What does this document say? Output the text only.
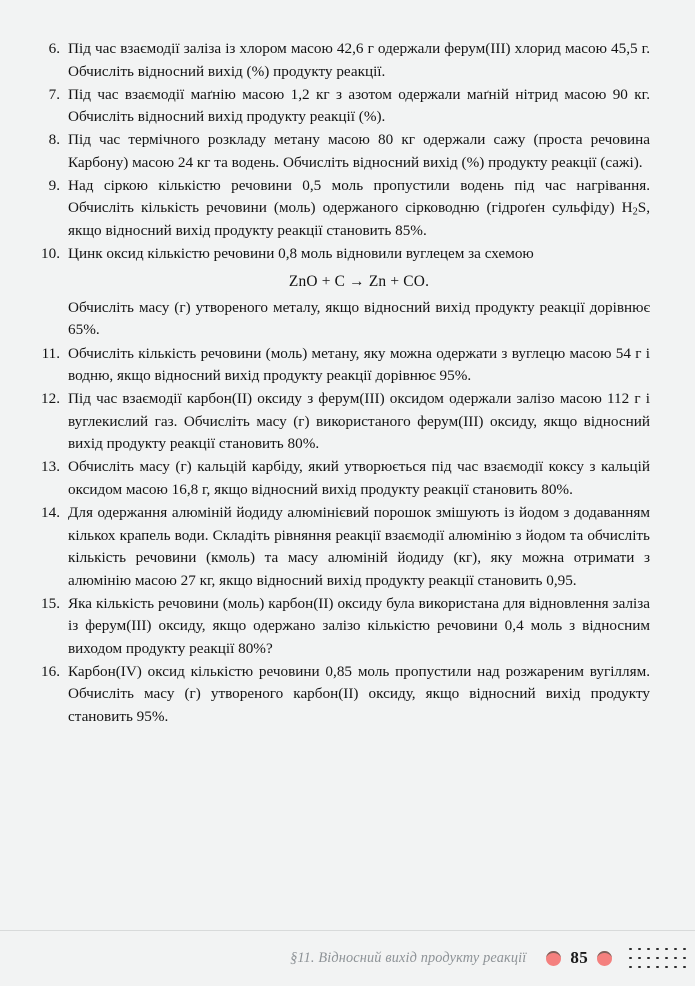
6. Під час взаємодії заліза із хлором масою 42,6 г одержали ферум(III) хлорид масою 45,5 г. Обчисліть відносний вихід (%) продукту реакції.
7. Під час взаємодії маґнію масою 1,2 кг з азотом одержали маґній нітрид масою 90 кг. Обчисліть відносний вихід продукту реакції (%).
8. Під час термічного розкладу метану масою 80 кг одержали сажу (проста речовина Карбону) масою 24 кг та водень. Обчисліть відносний вихід (%) продукту реакції (сажі).
9. Над сіркою кількістю речовини 0,5 моль пропустили водень під час нагрівання. Обчисліть кількість речовини (моль) одержаного сірководню (гідроґен сульфіду) $H_2S$, якщо відносний вихід продукту реакції становить 85%.
10. Цинк оксид кількістю речовини 0,8 моль відновили вуглецем за схемою
ZnO + C → Zn + CO.
Обчисліть масу (г) утвореного металу, якщо відносний вихід продукту реакції дорівнює 65%.
11. Обчисліть кількість речовини (моль) метану, яку можна одержати з вуглецю масою 54 г і водню, якщо відносний вихід продукту реакції дорівнює 95%.
12. Під час взаємодії карбон(II) оксиду з ферум(III) оксидом одержали залізо масою 112 г і вуглекислий газ. Обчисліть масу (г) використаного ферум(III) оксиду, якщо відносний вихід продукту реакції становить 80%.
13. Обчисліть масу (г) кальцій карбіду, який утворюється під час взаємодії коксу з кальцій оксидом масою 16,8 г, якщо відносний вихід продукту реакції становить 80%.
14. Для одержання алюміній йодиду алюмінієвий порошок змішують із йодом з додаванням кількох крапель води. Складіть рівняння реакції взаємодії алюмінію з йодом та обчисліть кількість речовини (кмоль) та масу алюміній йодиду (кг), яку можна отримати з алюмінію масою 27 кг, якщо відносний вихід продукту реакції становить 0,95.
15. Яка кількість речовини (моль) карбон(II) оксиду була використана для відновлення заліза із ферум(III) оксиду, якщо одержано залізо кількістю речовини 0,4 моль з відносним виходом продукту реакції 80%?
16. Карбон(IV) оксид кількістю речовини 0,85 моль пропустили над розжареним вугіллям. Обчисліть масу (г) утвореного карбон(II) оксиду, якщо відносний вихід продукту становить 95%.
§11. Відносний вихід продукту реакції	85
